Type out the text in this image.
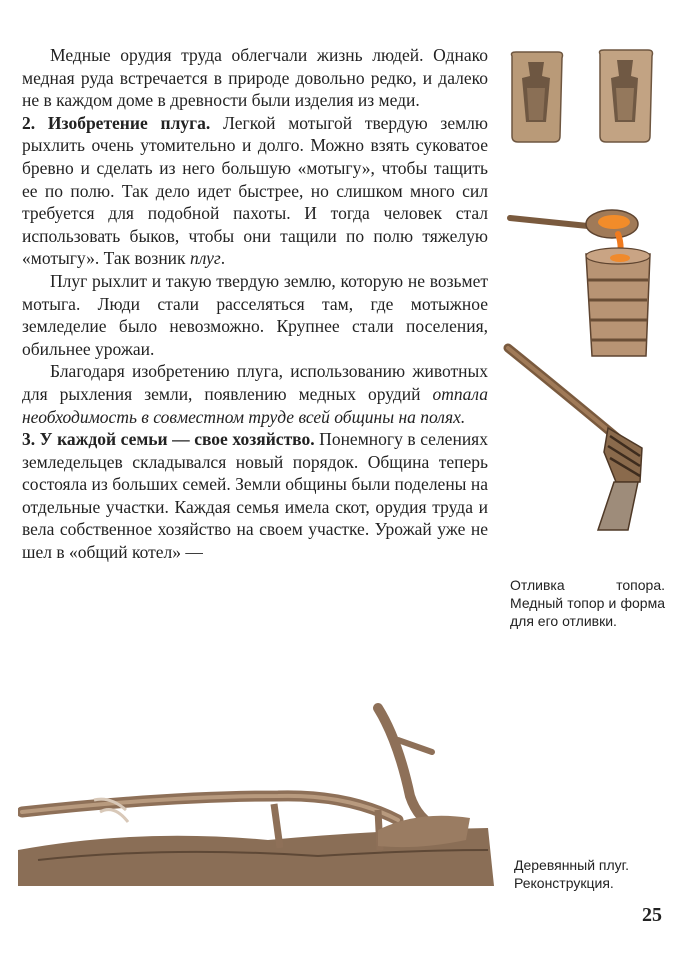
Медные орудия труда облегчали жизнь людей. Однако медная руда встречается в природе довольно редко, и далеко не в каждом доме в древности были изделия из меди.

2. Изобретение плуга. Легкой мотыгой твердую землю рыхлить очень утомительно и долго. Можно взять суковатое бревно и сделать из него большую «мотыгу», чтобы тащить ее по полю. Так дело идет быстрее, но слишком много сил требуется для подобной пахоты. И тогда человек стал использовать быков, чтобы они тащили по полю тяжелую «мотыгу». Так возник плуг.

Плуг рыхлит и такую твердую землю, которую не возьмет мотыга. Люди стали расселяться там, где мотыжное земледелие было невозможно. Крупнее стали поселения, обильнее урожаи.

Благодаря изобретению плуга, использованию животных для рыхления земли, появлению медных орудий отпала необходимость в совместном труде всей общины на полях.

3. У каждой семьи — свое хозяйство. Понемногу в селениях земледельцев складывался новый порядок. Община теперь состояла из больших семей. Земли общины были поделены на отдельные участки. Каждая семья имела скот, орудия труда и вела собственное хозяйство на своем участке. Урожай уже не шел в «общий котел» —

Отливка топора. Медный топор и форма для его отливки.
Деревянный плуг. Реконструкция.
25
